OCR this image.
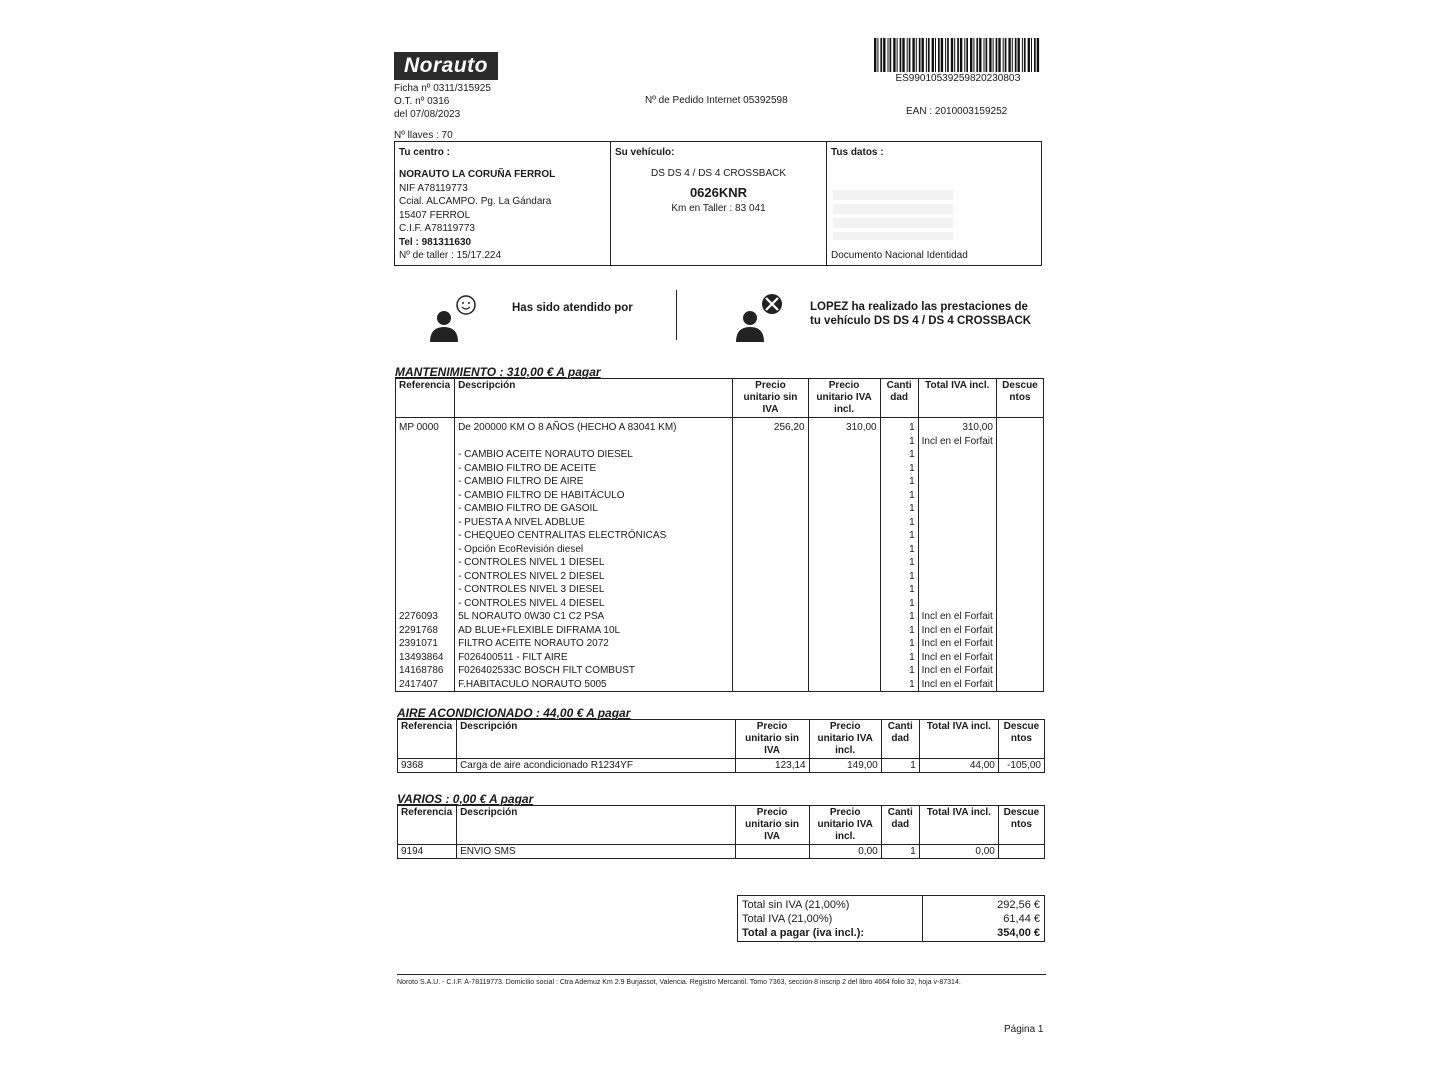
Norauto
ES9901053925982023080З
Ficha nº 0311/315925
O.T. nº 0316
del 07/08/2023
Nº llaves : 70
Nº de Pedido Internet 05392598
EAN : 2010003159252
Tu centro :
NORAUTO LA CORUÑA FERROL
NIF A78119773
Ccial. ALCAMPO. Pg. La Gándara
15407 FERROL
C.I.F. A78119773
Tel : 981311630
Nº de taller : 15/17.224
Su vehículo:
DS DS 4 / DS 4 CROSSBACK
0626KNR
Km en Taller : 83 041
Tus datos :
Documento Nacional Identidad
Has sido atendido por	LOPEZ ha realizado las prestaciones de
tu vehículo DS DS 4 / DS 4 CROSSBACK
MANTENIMIENTO : 310,00 € A pagar
Referencia	Descripción	Precio unitario sin IVA	Precio unitario IVA incl.	Cantidad	Total IVA incl.	Descuentos
MP 0000	De 200000 KM O 8 AÑOS (HECHO A 83041 KM)	256,20	310,00	1	310,00	
				1	Incl en el Forfait	
	- CAMBIO ACEITE NORAUTO DIESEL			1		
	- CAMBIO FILTRO DE ACEITE			1		
	- CAMBIO FILTRO DE AIRE			1		
	- CAMBIO FILTRO DE HABITÁCULO			1		
	- CAMBIO FILTRO DE GASOIL			1		
	- PUESTA A NIVEL ADBLUE			1		
	- CHEQUEO CENTRALITAS ELECTRÓNICAS			1		
	- Opción EcoRevisión diesel			1		
	- CONTROLES NIVEL 1 DIESEL			1		
	- CONTROLES NIVEL 2 DIESEL			1		
	- CONTROLES NIVEL 3 DIESEL			1		
	- CONTROLES NIVEL 4 DIESEL			1		
2276093	5L NORAUTO 0W30 C1 C2 PSA			1	Incl en el Forfait	
2291768	AD BLUE+FLEXIBLE DIFRAMA 10L			1	Incl en el Forfait	
2391071	FILTRO ACEITE NORAUTO 2072			1	Incl en el Forfait	
13493864	F026400511 - FILT AIRE			1	Incl en el Forfait	
14168786	F026402533C BOSCH FILT COMBUST			1	Incl en el Forfait	
2417407	F.HABITACULO NORAUTO 5005			1	Incl en el Forfait	
AIRE ACONDICIONADO : 44,00 € A pagar
Referencia	Descripción	Precio unitario sin IVA	Precio unitario IVA incl.	Cantidad	Total IVA incl.	Descuentos
9368	Carga de aire acondicionado R1234YF	123,14	149,00	1	44,00	-105,00
VARIOS : 0,00 € A pagar
Referencia	Descripción	Precio unitario sin IVA	Precio unitario IVA incl.	Cantidad	Total IVA incl.	Descuentos
9194	ENVIO SMS		0,00	1	0,00	
Total sin IVA (21,00%)	292,56 €
Total IVA (21,00%)	61,44 €
Total a pagar (iva incl.):	354,00 €
Noroto S.A.U. - C.I.F. A-78119773. Domicilio social : Ctra Ademuz Km 2.9 Burjassot, Valencia. Registro Mercantil. Tomo 7363, sección 8 inscrip 2 del libro 4664 folio 32, hoja v-87314.
Página 1
